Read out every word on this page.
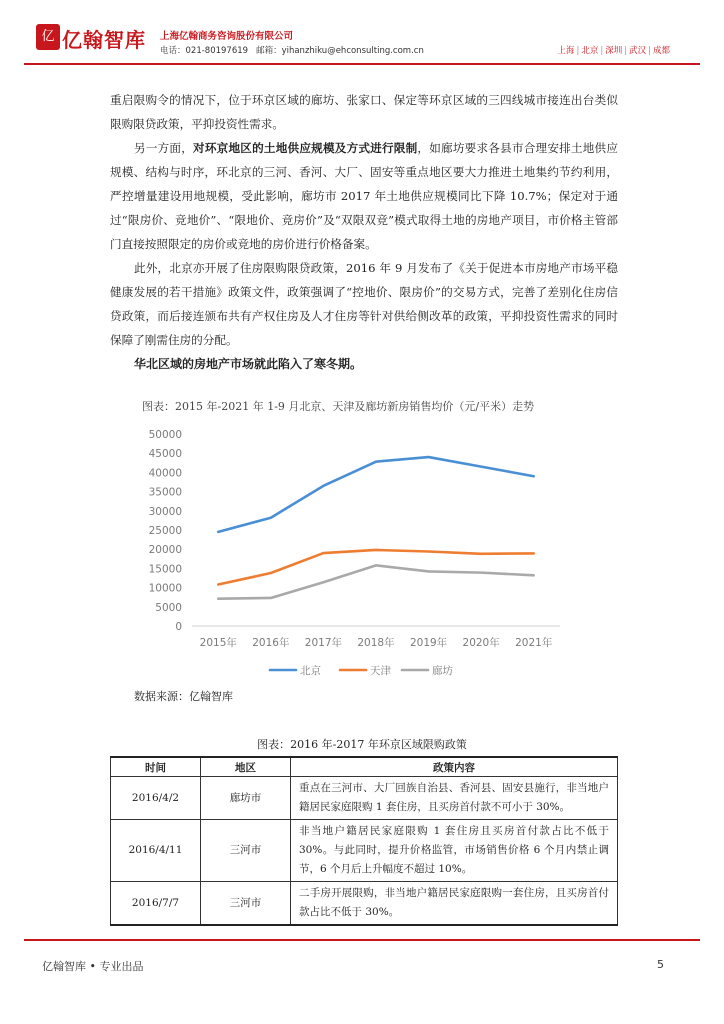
亿 亿翰智库 上海亿翰商务咨询股份有限公司
电话：021-80197619 邮箱：yihanzhiku@ehconsulting.com.cn	上海 | 北京 | 深圳 | 武汉 | 成都
重启限购令的情况下，位于环京区域的廊坊、张家口、保定等环京区域的三四线城市接连出台类似限购限贷政策，平抑投资性需求。
另一方面，对环京地区的土地供应规模及方式进行限制，如廊坊要求各县市合理安排土地供应规模、结构与时序，环北京的三河、香河、大厂、固安等重点地区要大力推进土地集约节约利用，严控增量建设用地规模，受此影响，廊坊市 2017 年土地供应规模同比下降 10.7%；保定对于通过“限房价、竞地价”、“限地价、竞房价”及“双限双竞”模式取得土地的房地产项目，市价格主管部门直接按照限定的房价或竞地的房价进行价格备案。
此外，北京亦开展了住房限购限贷政策，2016 年 9 月发布了《关于促进本市房地产市场平稳健康发展的若干措施》政策文件，政策强调了“控地价、限房价”的交易方式，完善了差别化住房信贷政策，而后接连颁布共有产权住房及人才住房等针对供给侧改革的政策，平抑投资性需求的同时保障了刚需住房的分配。
华北区域的房地产市场就此陷入了寒冬期。
图表：2015 年-2021 年 1-9 月北京、天津及廊坊新房销售均价（元/平米）走势
0
5000
10000
15000
20000
25000
30000
35000
40000
45000
50000
2015年 2016年 2017年 2018年 2019年 2020年 2021年
北京	天津	廊坊
数据来源：亿翰智库
图表：2016 年-2017 年环京区域限购政策
时间	地区	政策内容
2016/4/2	廊坊市	重点在三河市、大厂回族自治县、香河县、固安县施行，非当地户籍居民家庭限购 1 套住房，且买房首付款不可小于 30%。
2016/4/11	三河市	非当地户籍居民家庭限购 1 套住房且买房首付款占比不低于 30%。与此同时，提升价格监管，市场销售价格 6 个月内禁止调节，6 个月后上升幅度不超过 10%。
2016/7/7	三河市	二手房开展限购，非当地户籍居民家庭限购一套住房，且买房首付款占比不低于 30%。
亿翰智库 • 专业出品	5
